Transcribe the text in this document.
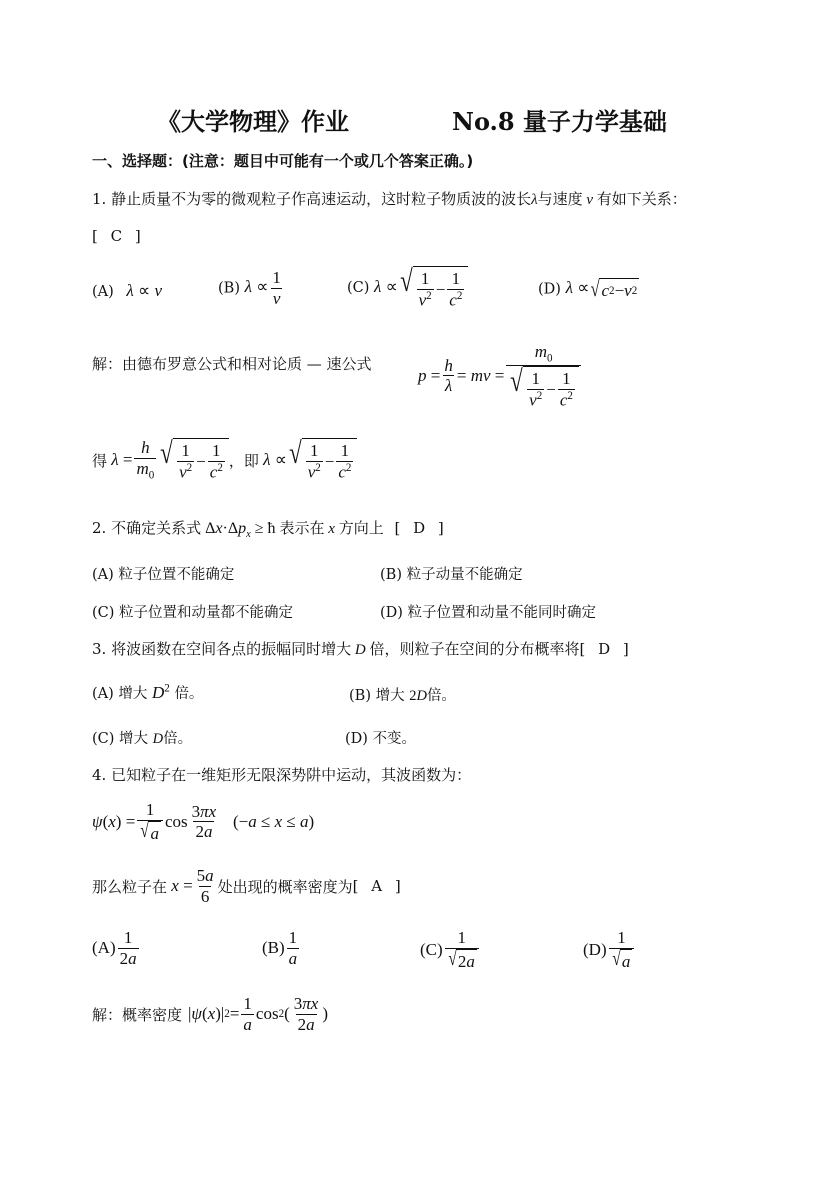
《大学物理》作业	No.8 量子力学基础
一、选择题：(注意：题目中可能有一个或几个答案正确。)
1. 静止质量不为零的微观粒子作高速运动，这时粒子物质波的波长λ与速度 v 有如下关系：
[ C ]
(A) λ ∝ v	(B) $\lambda \propto \frac{1}{v}$	(C) λ ∝ √ $\frac{1}{v^2} - \frac{1}{c^2}$	(D) λ ∝ √ c 2 − v 2
解：由德布罗意公式和相对论质 — 速公式
$p = \frac{h}{\lambda}$ = mv = $\frac{m_0}{√ \frac{1}{v^2} - \frac{1}{c^2}}$
得
$\lambda = \frac{h}{m_0}$ √ $\frac{1}{v^2} - \frac{1}{c^2}$ ，即
λ ∝ √ $\frac{1}{v^2} - \frac{1}{c^2}$
2. 不确定关系式 $\Delta x\cdot\Delta p_x$ ≥ ħ 表示在 x 方向上 [ D ]
(A) 粒子位置不能确定	(B) 粒子动量不能确定
(C) 粒子位置和动量都不能确定	(D) 粒子位置和动量不能同时确定
3. 将波函数在空间各点的振幅同时增大 D 倍，则粒子在空间的分布概率将[ D ]
(A) 增大 $D^2$ 倍。	(B) 增大 2D倍。
(C) 增大 D倍。	(D) 不变。
4. 已知粒子在一维矩形无限深势阱中运动，其波函数为：
ψ ( x ) = $\frac{1}{√ a}$ $\cos \frac{3\pi x}{2a}$ (− a ≤ x ≤ a )
那么粒子在
$x = \frac{5a}{6}$ 处出现的概率密度为 [ A ]
$(A) \frac{1}{2a}$	$(B) \frac{1}{a}$	$(C) \frac{1}{√ 2 a}$	$(D) \frac{1}{√ a}$
解：概率密度 | ψ ( x )| $2 = \frac{1}{a}$ cos 2 ( $\frac{3\pi x}{2a}$ )
